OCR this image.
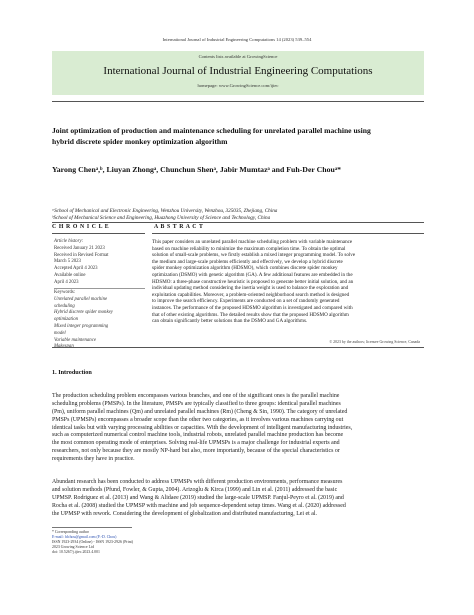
International Journal of Industrial Engineering Computations 14 (2023) 539–554
Contents lists available at GrowingScience
International Journal of Industrial Engineering Computations
homepage: www.GrowingScience.com/ijiec
Joint optimization of production and maintenance scheduling for unrelated parallel machine using
hybrid discrete spider monkey optimization algorithm
Yarong Chenᵃ,ᵇ, Liuyan Zhongᵃ, Chunchun Shenᵃ, Jabir Mumtazᵃ and Fuh-Der Chouᵃ*
ᵃSchool of Mechanical and Electronic Engineering, Wenzhou University, Wenzhou, 325035, Zhejiang, China
ᵇSchool of Mechanical Science and Engineering, Huazhong University of Science and Technology, China
C H R O N I C L E	A B S T R A C T
Article history:
Received January 21 2023
Received in Revised Format
March 5 2023
Accepted April 4 2023
Available online
April 4 2023
Keywords:
Unrelated parallel machine
scheduling
Hybrid discrete spider monkey
optimization
Mixed integer programming
model
Variable maintenance
This paper considers an unrelated parallel machine scheduling problem with variable maintenance
based on machine reliability to minimize the maximum completion time. To obtain the optimal
solution of small-scale problems, we firstly establish a mixed integer programming model. To solve
the medium and large-scale problems efficiently and effectively, we develop a hybrid discrete
spider monkey optimization algorithm (HDSMO), which combines discrete spider monkey
optimization (DSMO) with genetic algorithm (GA). A few additional features are embedded in the
HDSMO: a three-phase constructive heuristic is proposed to generate better initial solution, and an
individual updating method considering the inertia weight is used to balance the exploration and
exploitation capabilities. Moreover, a problem-oriented neighborhood search method is designed
to improve the search efficiency. Experiments are conducted on a set of randomly generated
instances. The performance of the proposed HDSMO algorithm is investigated and compared with
that of other existing algorithms. The detailed results show that the proposed HDSMO algorithm
can obtain significantly better solutions than the DSMO and GA algorithms.
© 2023 by the authors; licensee Growing Science, Canada
1. Introduction
The production scheduling problem encompasses various branches, and one of the significant ones is the parallel machine
scheduling problems (PMSPs). In the literature, PMSPs are typically classified to three groups: identical parallel machines
(Pm), uniform parallel machines (Qm) and unrelated parallel machines (Rm) (Cheng & Sin, 1990). The category of unrelated
PMSPs (UPMSPs) encompasses a broader scope than the other two categories, as it involves various machines carrying out
identical tasks but with varying processing abilities or capacities. With the development of intelligent manufacturing industries,
such as computerized numerical control machine tools, industrial robots, unrelated parallel machine production has become
the most common operating mode of enterprises. Solving real-life UPMSPs is a major challenge for industrial experts and
researchers, not only because they are mostly NP-hard but also, more importantly, because of the special characteristics or
requirements they have in practice.
Abundant research has been conducted to address UPMSPs with different production environments, performance measures
and solution methods (Pfund, Fowler, & Gupta, 2004). Arizoglu & Kirca (1999) and Lin et al. (2011) addressed the basic
UPMSP. Rodriguez et al. (2013) and Wang & Alidaee (2019) studied the large-scale UPMSP. Fanjul-Peyro et al. (2019) and
Rocha et al. (2008) studied the UPMSP with machine and job sequence-dependent setup times. Wang et al. (2020) addressed
the UPMSP with rework. Considering the development of globalization and distributed manufacturing, Lei et al.
* Corresponding author
E-mail: fdchou@gmail.com (F.-D. Chou)
ISSN 1923-2934 (Online) - ISSN 1923-2926 (Print)
2023 Growing Science Ltd
doi: 10.5267/j.ijiec.2023.4.001
